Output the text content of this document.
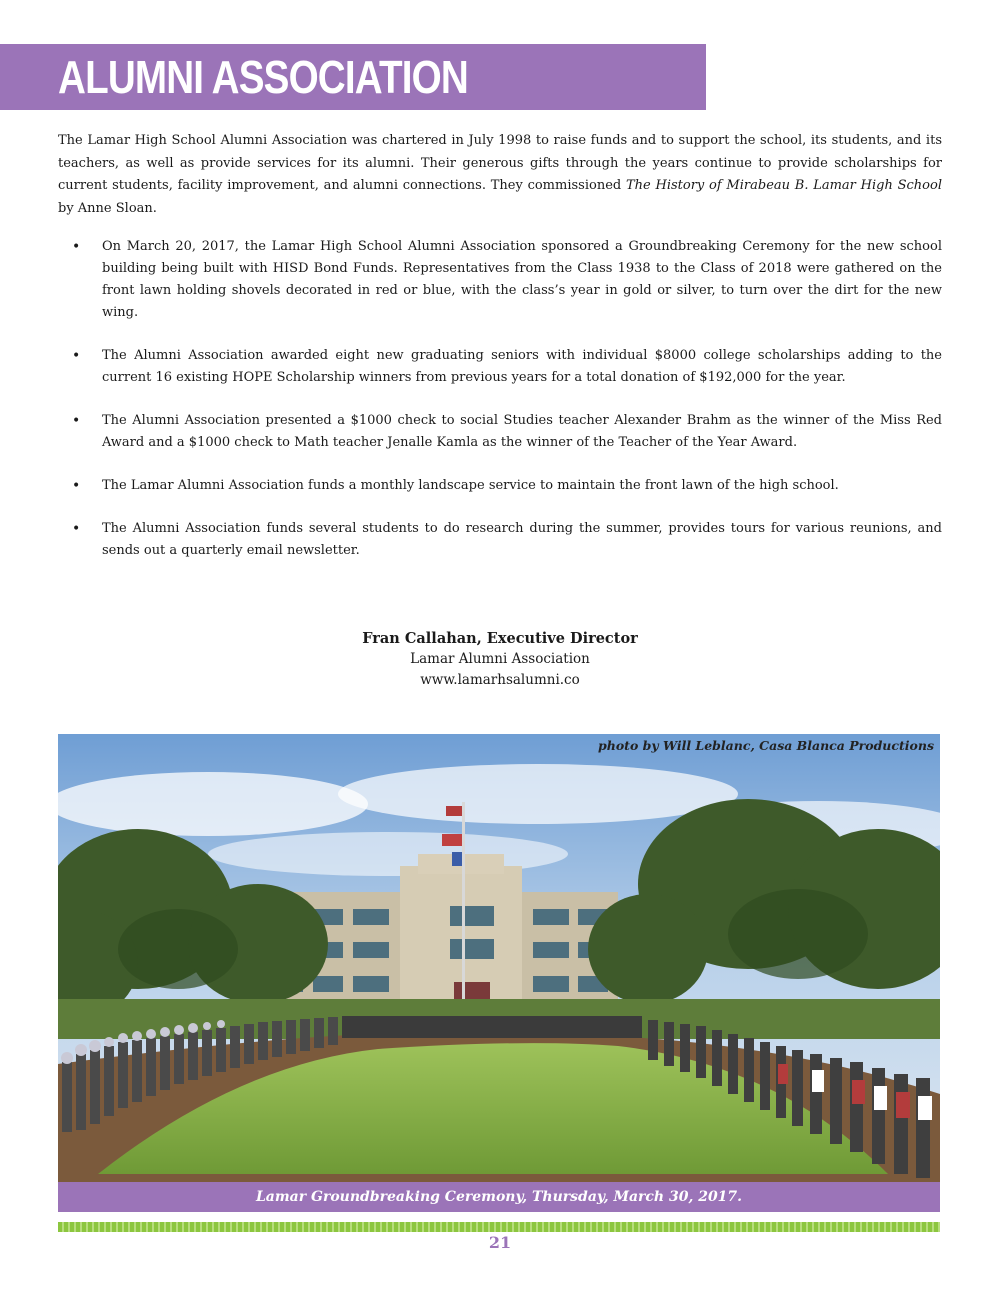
ALUMNI ASSOCIATION

The Lamar High School Alumni Association was chartered in July 1998 to raise funds and to support the school, its students, and its teachers, as well as provide services for its alumni. Their generous gifts through the years continue to provide scholarships for current students, facility improvement, and alumni connections. They commissioned The History of Mirabeau B. Lamar High School by Anne Sloan.

• On March 20, 2017, the Lamar High School Alumni Association sponsored a Groundbreaking Ceremony for the new school building being built with HISD Bond Funds. Representatives from the Class 1938 to the Class of 2018 were gathered on the front lawn holding shovels decorated in red or blue, with the class’s year in gold or silver, to turn over the dirt for the new wing.
• The Alumni Association awarded eight new graduating seniors with individual $8000 college scholarships adding to the current 16 existing HOPE Scholarship winners from previous years for a total donation of $192,000 for the year.
• The Alumni Association presented a $1000 check to social Studies teacher Alexander Brahm as the winner of the Miss Red Award and a $1000 check to Math teacher Jenalle Kamla as the winner of the Teacher of the Year Award.
• The Lamar Alumni Association funds a monthly landscape service to maintain the front lawn of the high school.
• The Alumni Association funds several students to do research during the summer, provides tours for various reunions, and sends out a quarterly email newsletter.
Fran Callahan, Executive Director
Lamar Alumni Association
www.lamarhsalumni.co
photo by Will Leblanc, Casa Blanca Productions
Lamar Groundbreaking Ceremony, Thursday, March 30, 2017.
21
